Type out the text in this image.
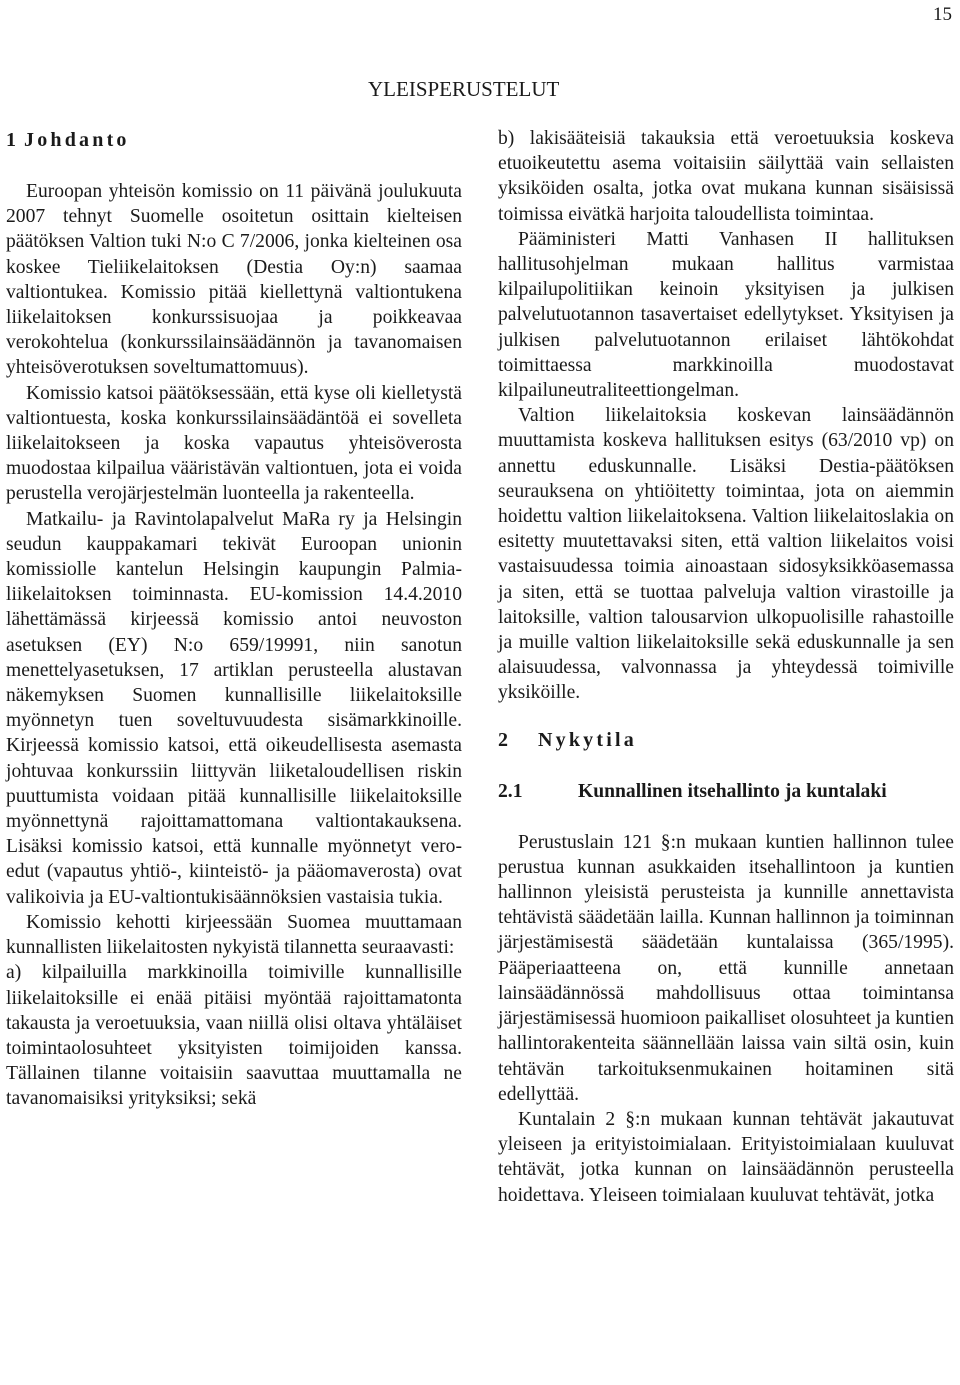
15
YLEISPERUSTELUT
1 Johdanto

Euroopan yhteisön komissio on 11 päivänä joulukuuta 2007 tehnyt Suomelle osoitetun osittain kielteisen päätöksen Valtion tuki N:o C 7/2006, jonka kielteinen osa koskee Tieliikelaitoksen (Destia Oy:n) saamaa valtiontukea. Komissio pitää kiellettynä valtiontukena liikelaitoksen konkurssisuojaa ja poikkeavaa verokohtelua (konkurssilainsäädännön ja tavanomaisen yhteisöverotuksen soveltumattomuus).

Komissio katsoi päätöksessään, että kyse oli kielletystä valtiontuesta, koska konkurssilainsäädäntöä ei sovelleta liikelaitokseen ja koska vapautus yhteisöverosta muodostaa kilpailua vääristävän valtiontuen, jota ei voida perustella verojärjestelmän luonteella ja rakenteella.

Matkailu- ja Ravintolapalvelut MaRa ry ja Helsingin seudun kauppakamari tekivät Euroopan unionin komissiolle kantelun Helsingin kaupungin Palmia-liikelaitoksen toiminnasta. EU-komission 14.4.2010 lähettämässä kirjeessä komissio antoi neuvoston asetuksen (EY) N:o 659/19991, niin sanotun menettelyasetuksen, 17 artiklan perusteella alustavan näkemyksen Suomen kunnallisille liikelaitoksille myönnetyn tuen soveltuvuudesta sisämarkkinoille. Kirjeessä komissio katsoi, että oikeudellisesta asemasta johtuvaa konkurssiin liittyvän liiketaloudellisen riskin puuttumista voidaan pitää kunnallisille liikelaitoksille myönnettynä rajoittamattomana valtiontakauksena. Lisäksi komissio katsoi, että kunnalle myönnetyt vero-edut (vapautus yhtiö-, kiinteistö- ja pääomaverosta) ovat valikoivia ja EU-valtiontukisäännöksien vastaisia tukia.

Komissio kehotti kirjeessään Suomea muuttamaan kunnallisten liikelaitosten nykyistä tilannetta seuraavasti:

a) kilpailuilla markkinoilla toimiville kunnallisille liikelaitoksille ei enää pitäisi myöntää rajoittamatonta takausta ja veroetuuksia, vaan niillä olisi oltava yhtäläiset toimintaolosuhteet yksityisten toimijoiden kanssa. Tällainen tilanne voitaisiin saavuttaa muuttamalla ne tavanomaisiksi yrityksiksi; sekä

b) lakisääteisiä takauksia että veroetuuksia koskeva etuoikeutettu asema voitaisiin säilyttää vain sellaisten yksiköiden osalta, jotka ovat mukana kunnan sisäisissä toimissa eivätkä harjoita taloudellista toimintaa.

Pääministeri Matti Vanhasen II hallituksen hallitusohjelman mukaan hallitus varmistaa kilpailupolitiikan keinoin yksityisen ja julkisen palvelutuotannon tasavertaiset edellytykset. Yksityisen ja julkisen palvelutuotannon erilaiset lähtökohdat toimittaessa markkinoilla muodostavat kilpailuneutraliteettiongelman.

Valtion liikelaitoksia koskevan lainsäädännön muuttamista koskeva hallituksen esitys (63/2010 vp) on annettu eduskunnalle. Lisäksi Destia-päätöksen seurauksena on yhtiöitetty toimintaa, jota on aiemmin hoidettu valtion liikelaitoksena. Valtion liikelaitoslakia on esitetty muutettavaksi siten, että valtion liikelaitos voisi vastaisuudessa toimia ainoastaan sidosyksikköasemassa ja siten, että se tuottaa palveluja valtion virastoille ja laitoksille, valtion talousarvion ulkopuolisille rahastoille ja muille valtion liikelaitoksille sekä eduskunnalle ja sen alaisuudessa, valvonnassa ja yhteydessä toimiville yksiköille.

2 Nykytila
2.1	Kunnallinen itsehallinto ja kuntalaki

Perustuslain 121 §:n mukaan kuntien hallinnon tulee perustua kunnan asukkaiden itsehallintoon ja kuntien hallinnon yleisistä perusteista ja kunnille annettavista tehtävistä säädetään lailla. Kunnan hallinnon ja toiminnan järjestämisestä säädetään kuntalaissa (365/1995). Pääperiaatteena on, että kunnille annetaan lainsäädännössä mahdollisuus ottaa toimintansa järjestämisessä huomioon paikalliset olosuhteet ja kuntien hallintorakenteita säännellään laissa vain siltä osin, kuin tehtävän tarkoituksenmukainen hoitaminen sitä edellyttää.

Kuntalain 2 §:n mukaan kunnan tehtävät jakautuvat yleiseen ja erityistoimialaan. Erityistoimialaan kuuluvat tehtävät, jotka kunnan on lainsäädännön perusteella hoidettava. Yleiseen toimialaan kuuluvat tehtävät, jotka
